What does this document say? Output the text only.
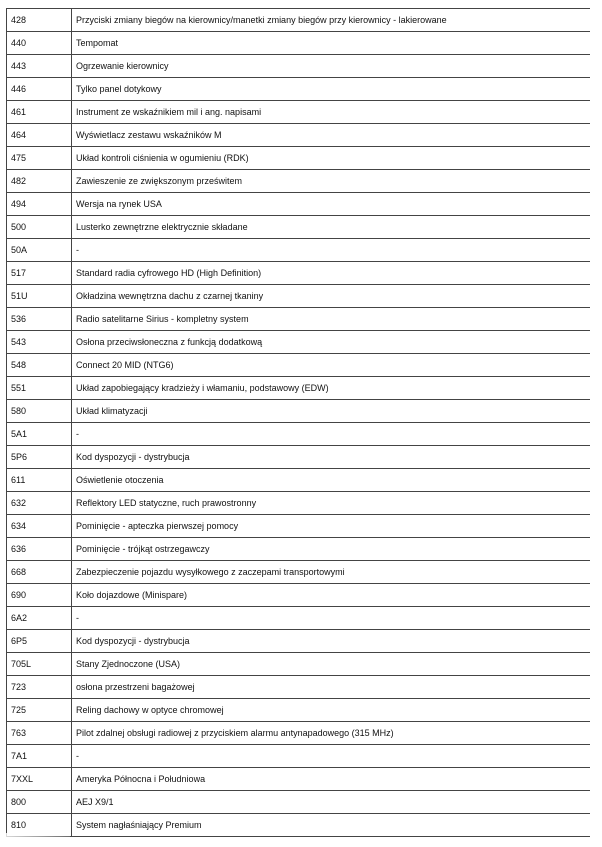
428	Przyciski zmiany biegów na kierownicy/manetki zmiany biegów przy kierownicy - lakierowane
440	Tempomat
443	Ogrzewanie kierownicy
446	Tylko panel dotykowy
461	Instrument ze wskaźnikiem mil i ang. napisami
464	Wyświetlacz zestawu wskaźników M
475	Układ kontroli ciśnienia w ogumieniu (RDK)
482	Zawieszenie ze zwiększonym prześwitem
494	Wersja na rynek USA
500	Lusterko zewnętrzne elektrycznie składane
50A	-
517	Standard radia cyfrowego HD (High Definition)
51U	Okładzina wewnętrzna dachu z czarnej tkaniny
536	Radio satelitarne Sirius - kompletny system
543	Osłona przeciwsłoneczna z funkcją dodatkową
548	Connect 20 MID (NTG6)
551	Układ zapobiegający kradzieży i włamaniu, podstawowy (EDW)
580	Układ klimatyzacji
5A1	-
5P6	Kod dyspozycji - dystrybucja
611	Oświetlenie otoczenia
632	Reflektory LED statyczne, ruch prawostronny
634	Pominięcie - apteczka pierwszej pomocy
636	Pominięcie - trójkąt ostrzegawczy
668	Zabezpieczenie pojazdu wysyłkowego z zaczepami transportowymi
690	Koło dojazdowe (Minispare)
6A2	-
6P5	Kod dyspozycji - dystrybucja
705L	Stany Zjednoczone (USA)
723	osłona przestrzeni bagażowej
725	Reling dachowy w optyce chromowej
763	Pilot zdalnej obsługi radiowej z przyciskiem alarmu antynapadowego (315 MHz)
7A1	-
7XXL	Ameryka Północna i Południowa
800	AEJ X9/1
810	System nagłaśniający Premium
